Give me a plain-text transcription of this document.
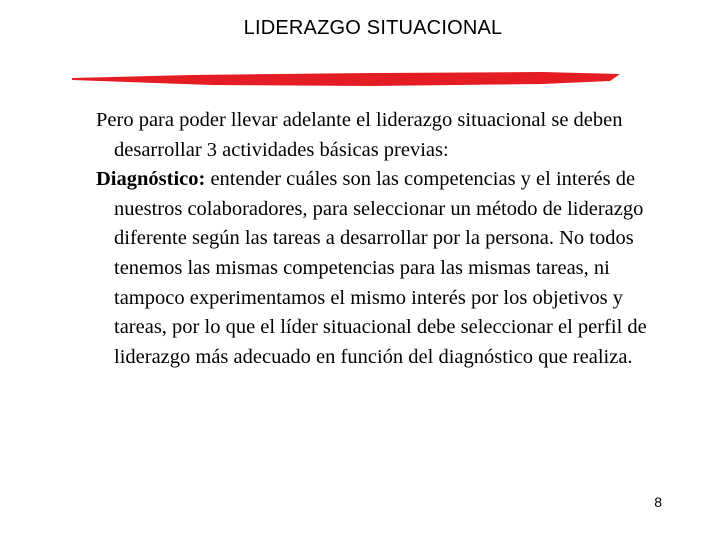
LIDERAZGO SITUACIONAL

Pero para poder llevar adelante el liderazgo situacional se deben desarrollar 3 actividades básicas previas:

Diagnóstico: entender cuáles son las competencias y el interés de nuestros colaboradores, para seleccionar un método de liderazgo diferente según las tareas a desarrollar por la persona. No todos tenemos las mismas competencias para las mismas tareas, ni tampoco experimentamos el mismo interés por los objetivos y tareas, por lo que el líder situacional debe seleccionar el perfil de liderazgo más adecuado en función del diagnóstico que realiza.

8
